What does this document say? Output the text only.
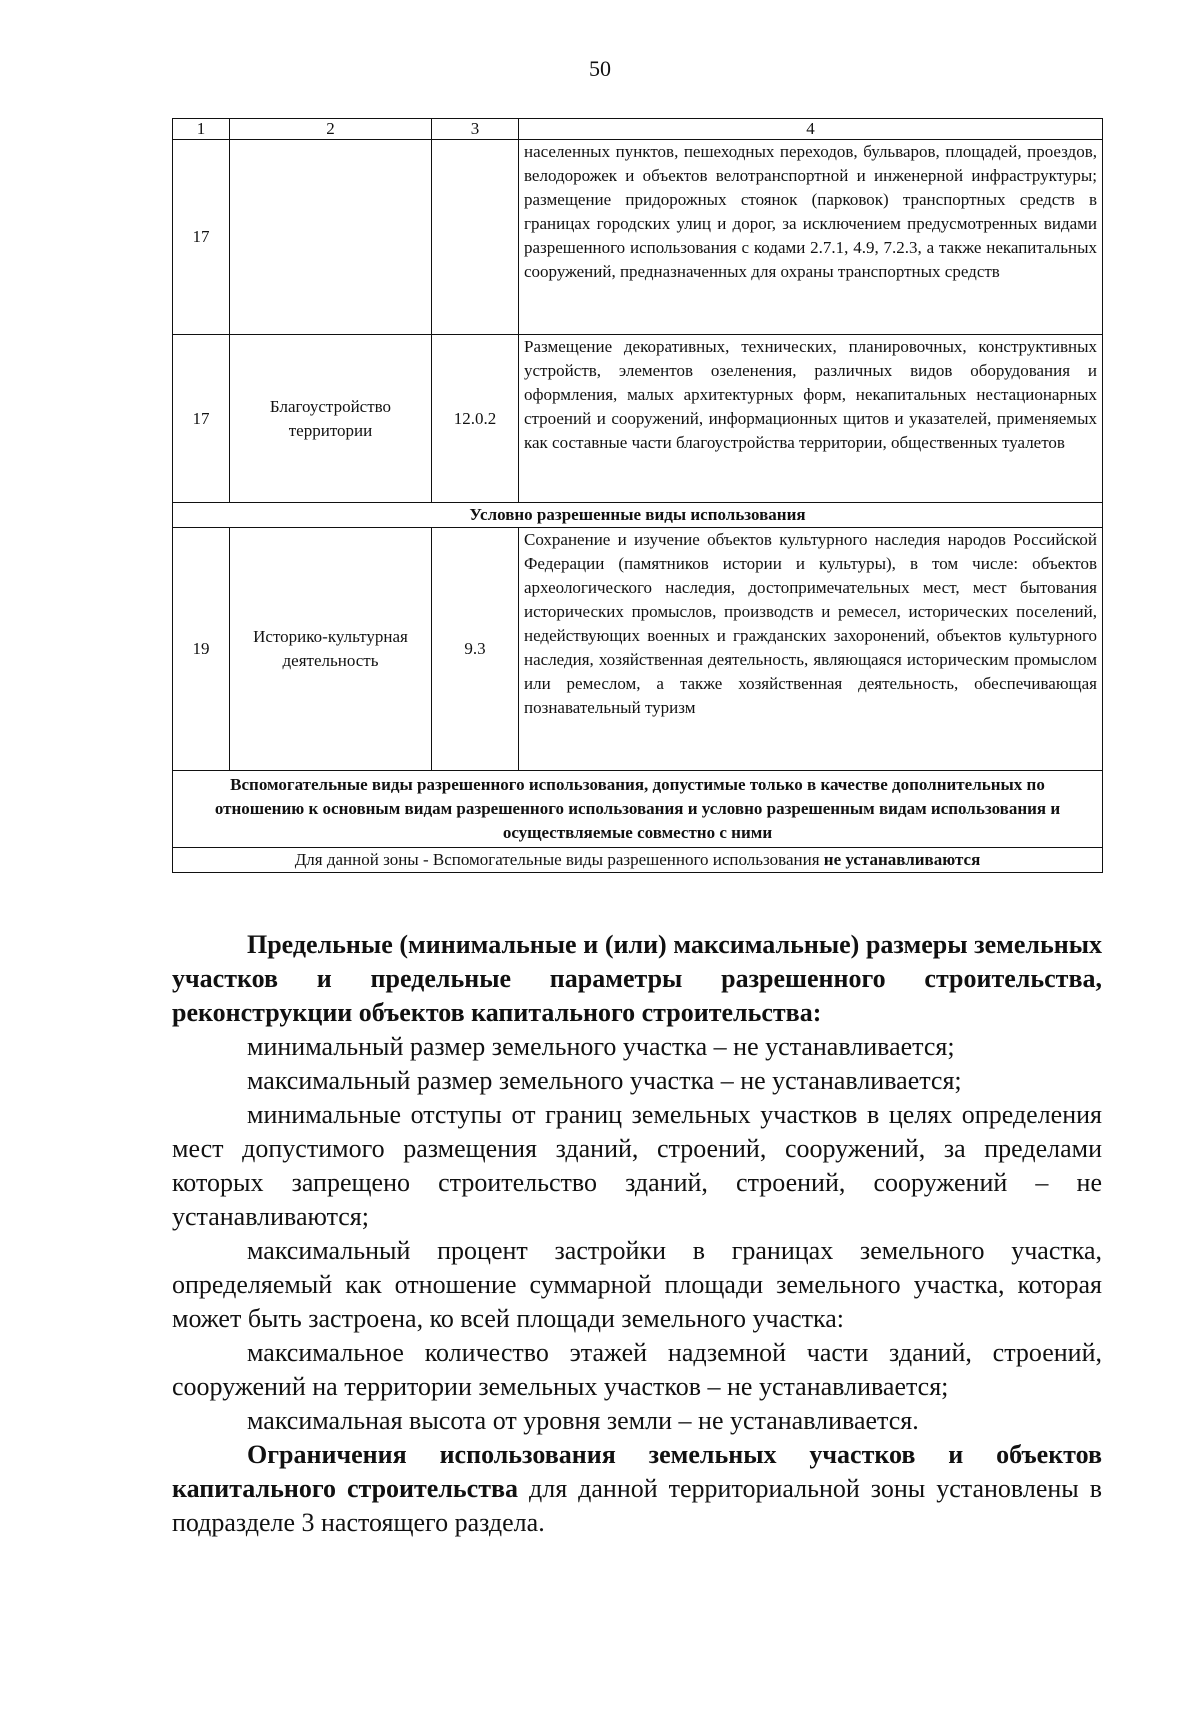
50
1	2	3	4
17			населенных пунктов, пешеходных переходов, бульваров, площадей, проездов, велодорожек и объектов велотранспортной и инженерной инфраструктуры; размещение придорожных стоянок (парковок) транспортных средств в границах городских улиц и дорог, за исключением предусмотренных видами разрешенного использования с кодами 2.7.1, 4.9, 7.2.3, а также некапитальных сооружений, предназначенных для охраны транспортных средств
17	Благоустройство территории	12.0.2	Размещение декоративных, технических, планировочных, конструктивных устройств, элементов озеленения, различных видов оборудования и оформления, малых архитектурных форм, некапитальных нестационарных строений и сооружений, информационных щитов и указателей, применяемых как составные части благоустройства территории, общественных туалетов
Условно разрешенные виды использования			
19	Историко-культурная деятельность	9.3	Сохранение и изучение объектов культурного наследия народов Российской Федерации (памятников истории и культуры), в том числе: объектов археологического наследия, достопримечательных мест, мест бытования исторических промыслов, производств и ремесел, исторических поселений, недействующих военных и гражданских захоронений, объектов культурного наследия, хозяйственная деятельность, являющаяся историческим промыслом или ремеслом, а также хозяйственная деятельность, обеспечивающая познавательный туризм
Вспомогательные виды разрешенного использования, допустимые только в качестве дополнительных по отношению к основным видам разрешенного использования и условно разрешенным видам использования и осуществляемые совместно с ними			
Для данной зоны - Вспомогательные виды разрешенного использования не устанавливаются			

Предельные (минимальные и (или) максимальные) размеры земельных участков и предельные параметры разрешенного строительства, реконструкции объектов капитального строительства:

минимальный размер земельного участка – не устанавливается;

максимальный размер земельного участка – не устанавливается;

минимальные отступы от границ земельных участков в целях определения мест допустимого размещения зданий, строений, сооружений, за пределами которых запрещено строительство зданий, строений, сооружений – не устанавливаются;

максимальный процент застройки в границах земельного участка, определяемый как отношение суммарной площади земельного участка, которая может быть застроена, ко всей площади земельного участка:

максимальное количество этажей надземной части зданий, строений, сооружений на территории земельных участков – не устанавливается;

максимальная высота от уровня земли – не устанавливается.

Ограничения использования земельных участков и объектов капитального строительства для данной территориальной зоны установлены в подразделе 3 настоящего раздела.
